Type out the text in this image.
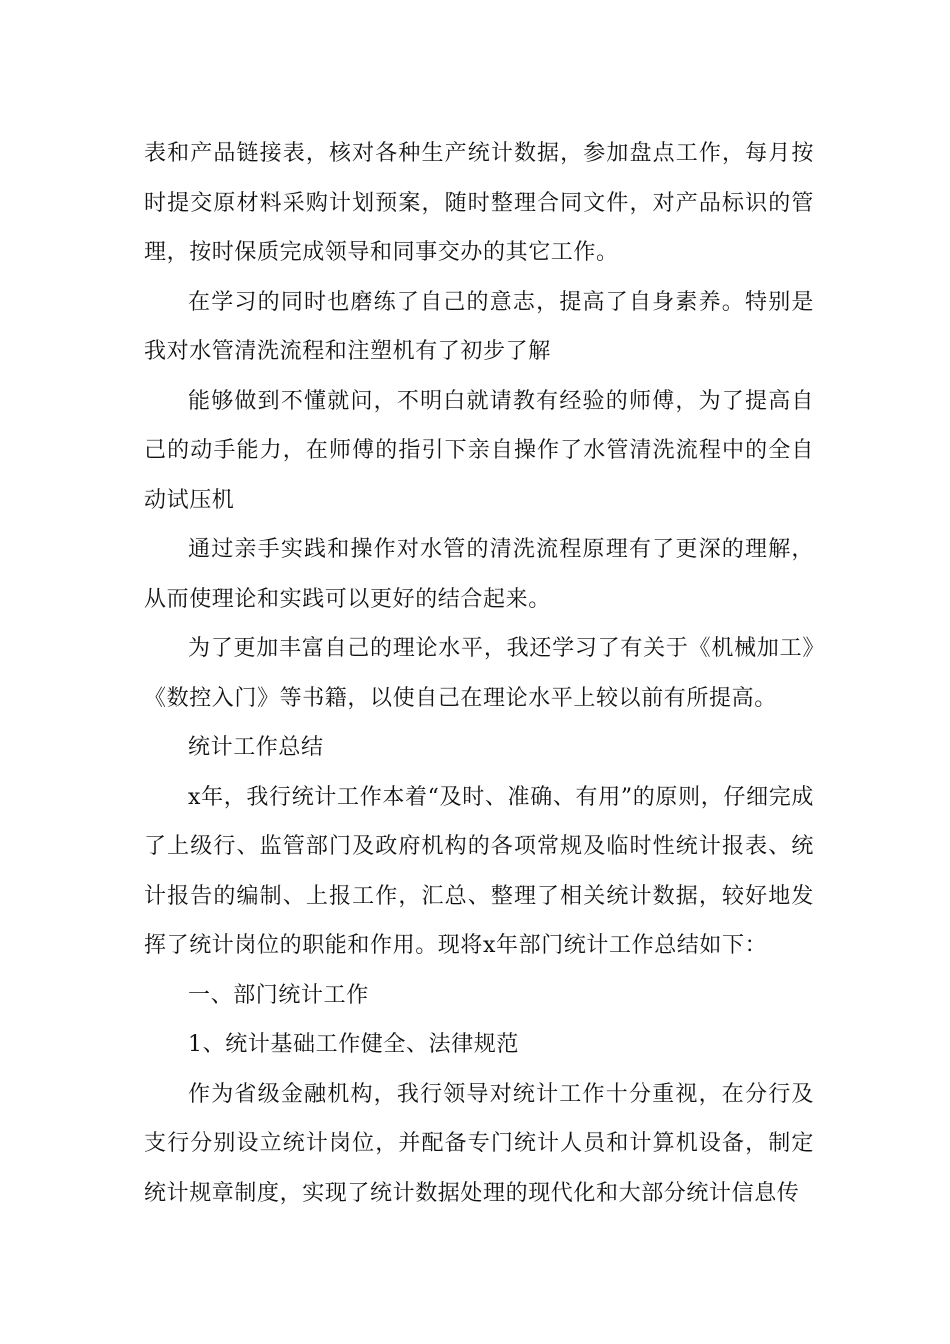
表和产品链接表，核对各种生产统计数据，参加盘点工作，每月按时提交原材料采购计划预案，随时整理合同文件，对产品标识的管理，按时保质完成领导和同事交办的其它工作。

在学习的同时也磨练了自己的意志，提高了自身素养。特别是我对水管清洗流程和注塑机有了初步了解

能够做到不懂就问，不明白就请教有经验的师傅，为了提高自己的动手能力，在师傅的指引下亲自操作了水管清洗流程中的全自动试压机

通过亲手实践和操作对水管的清洗流程原理有了更深的理解，从而使理论和实践可以更好的结合起来。

为了更加丰富自己的理论水平，我还学习了有关于《机械加工》《数控入门》等书籍，以使自己在理论水平上较以前有所提高。

统计工作总结

x年，我行统计工作本着“及时、准确、有用”的原则，仔细完成了上级行、监管部门及政府机构的各项常规及临时性统计报表、统计报告的编制、上报工作，汇总、整理了相关统计数据，较好地发挥了统计岗位的职能和作用。现将x年部门统计工作总结如下：

一、部门统计工作

1、统计基础工作健全、法律规范

作为省级金融机构，我行领导对统计工作十分重视，在分行及支行分别设立统计岗位，并配备专门统计人员和计算机设备，制定统计规章制度，实现了统计数据处理的现代化和大部分统计信息传
